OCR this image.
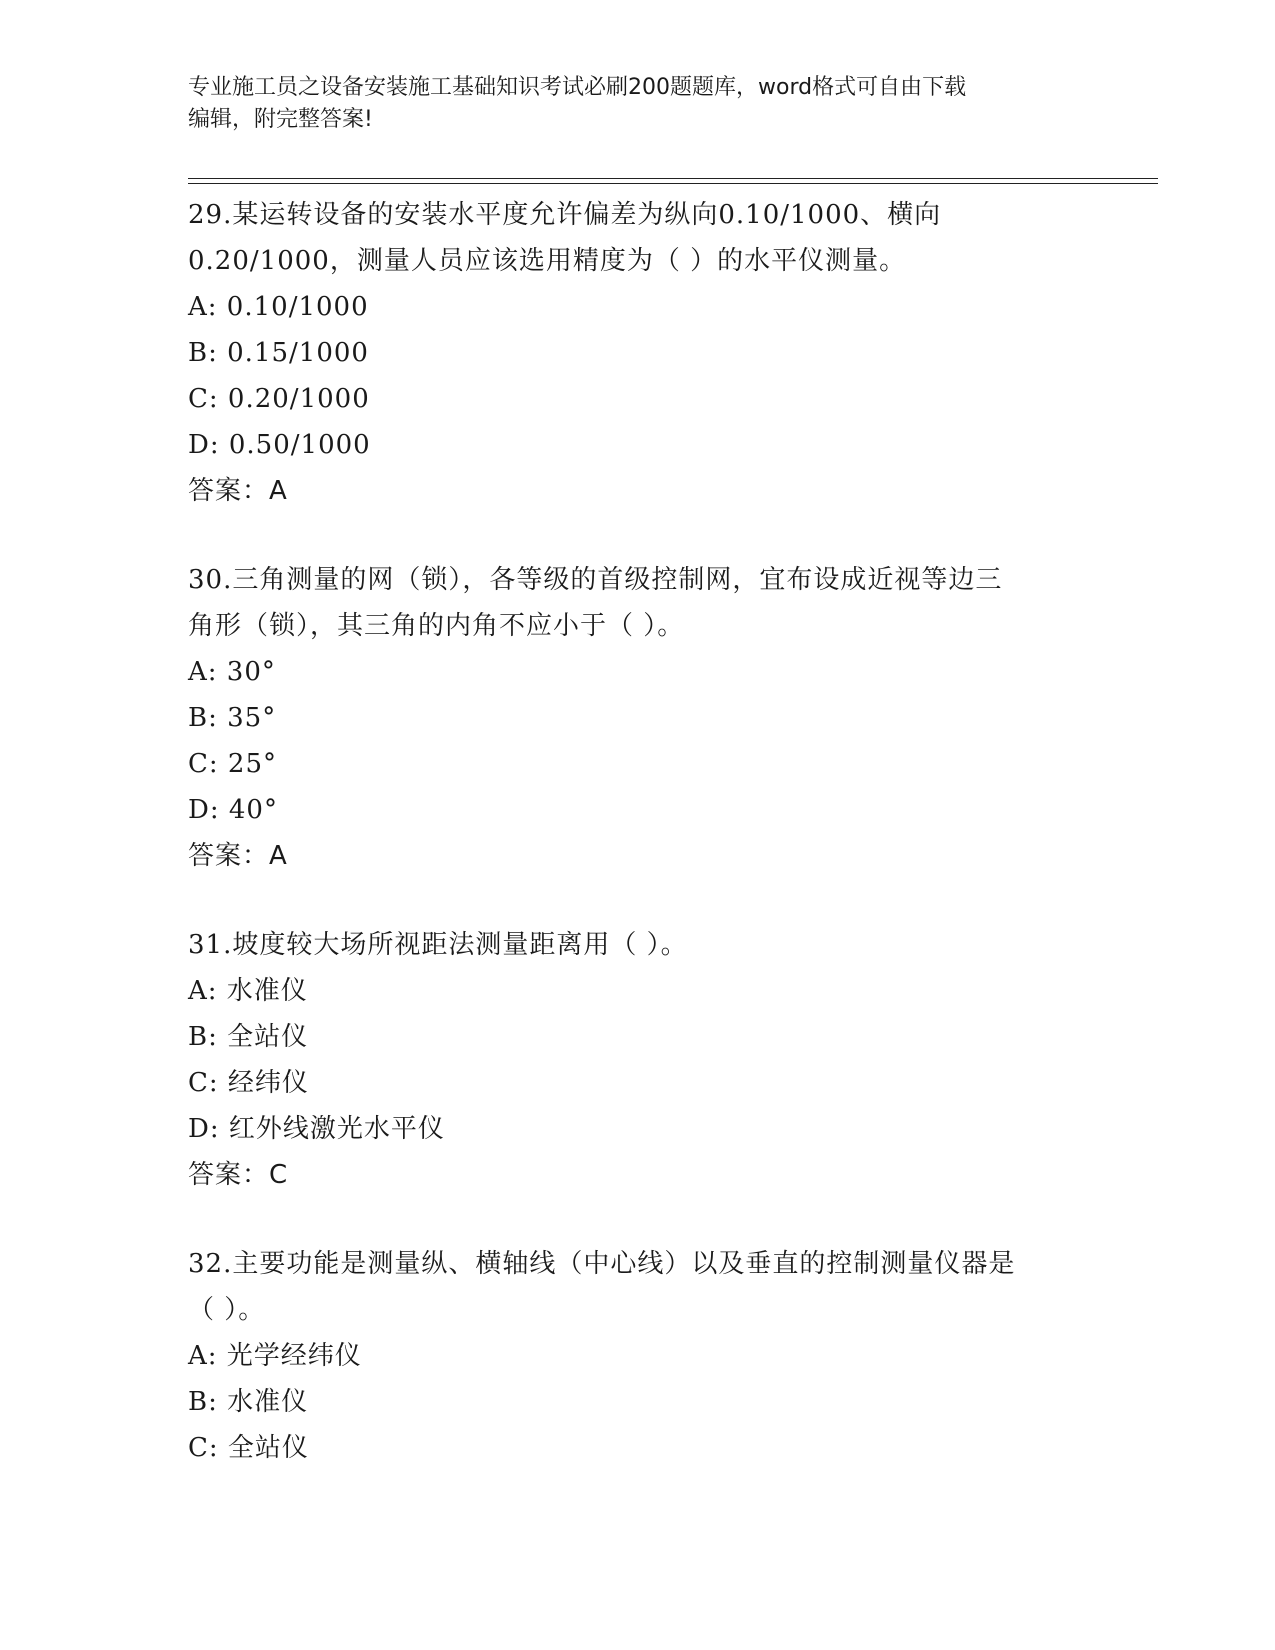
专业施工员之设备安装施工基础知识考试必刷200题题库，word格式可自由下载
编辑，附完整答案!

29.某运转设备的安装水平度允许偏差为纵向0.10/1000、横向

0.20/1000，测量人员应该选用精度为（ ）的水平仪测量。

A: 0.10/1000

B: 0.15/1000

C: 0.20/1000

D: 0.50/1000

答案：A

30.三角测量的网（锁），各等级的首级控制网，宜布设成近视等边三

角形（锁），其三角的内角不应小于（ ）。

A: 30°

B: 35°

C: 25°

D: 40°

答案：A

31.坡度较大场所视距法测量距离用（ ）。

A: 水准仪

B: 全站仪

C: 经纬仪

D: 红外线激光水平仪

答案：C

32.主要功能是测量纵、横轴线（中心线）以及垂直的控制测量仪器是

（ ）。

A: 光学经纬仪

B: 水准仪

C: 全站仪
